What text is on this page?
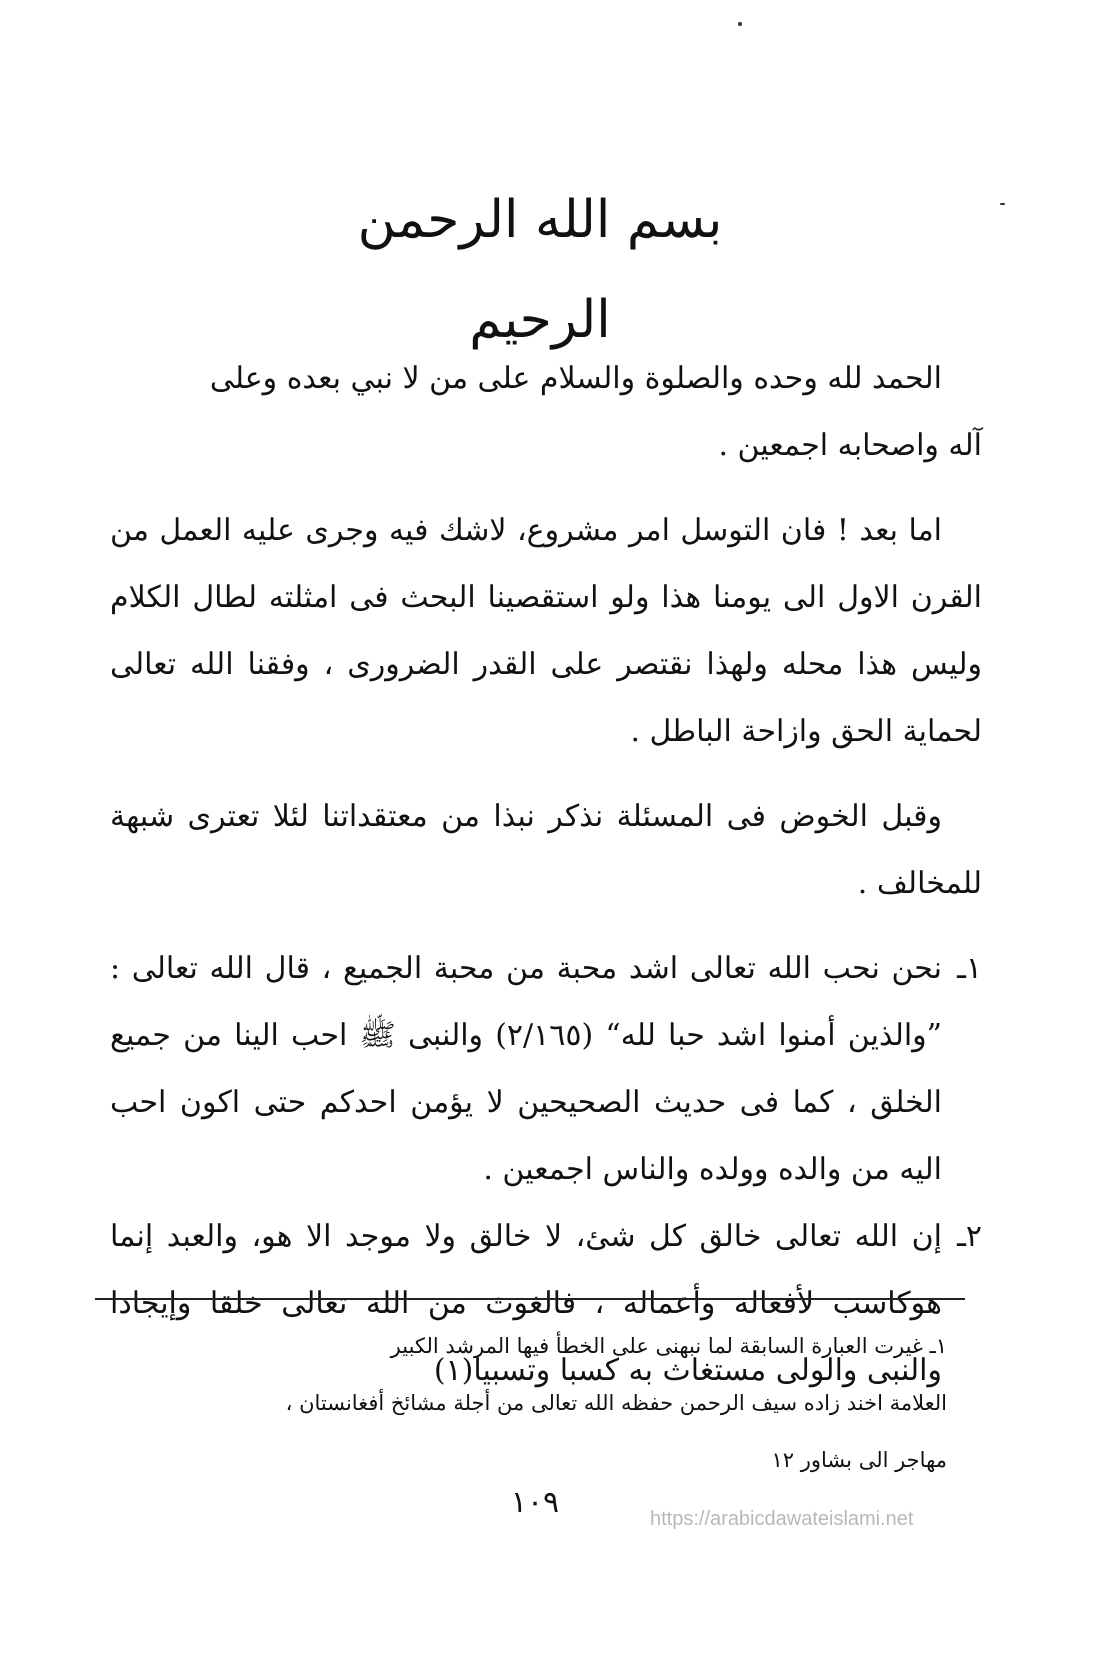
بسم الله الرحمن الرحيم

الحمد لله وحده والصلوة والسلام على من لا نبي بعده وعلى

آله واصحابه اجمعين .

اما بعد ! فان التوسل امر مشروع، لاشك فيه وجرى عليه العمل من القرن الاول الى يومنا هذا ولو استقصينا البحث فى امثلته لطال الكلام وليس هذا محله ولهذا نقتصر على القدر الضرورى ، وفقنا الله تعالى لحماية الحق وازاحة الباطل .

وقبل الخوض فى المسئلة نذكر نبذا من معتقداتنا لئلا تعترى شبهة للمخالف .

١ـ
نحن نحب الله تعالى اشد محبة من محبة الجميع ، قال الله تعالى : ”والذين أمنوا اشد حبا لله“ (٢/١٦٥) والنبى ﷺ احب الينا من جميع الخلق ، كما فى حديث الصحيحين لا يؤمن احدكم حتى اكون احب اليه من والده وولده والناس اجمعين .
٢ـ
إن الله تعالى خالق كل شئ، لا خالق ولا موجد الا هو، والعبد إنما هوكاسب لأفعاله وأعماله ، فالغوث من الله تعالى خلقا وإيجادا والنبى والولى مستغاث به كسبا وتسبيا(١)
١ـ غيرت العبارة السابقة لما نبهنى على الخطأ فيها المرشد الكبير
العلامة اخند زاده سيف الرحمن حفظه الله تعالى من أجلة مشائخ أفغانستان ،
مهاجر الى بشاور ١٢
١٠٩	https://arabicdawateislami.net
